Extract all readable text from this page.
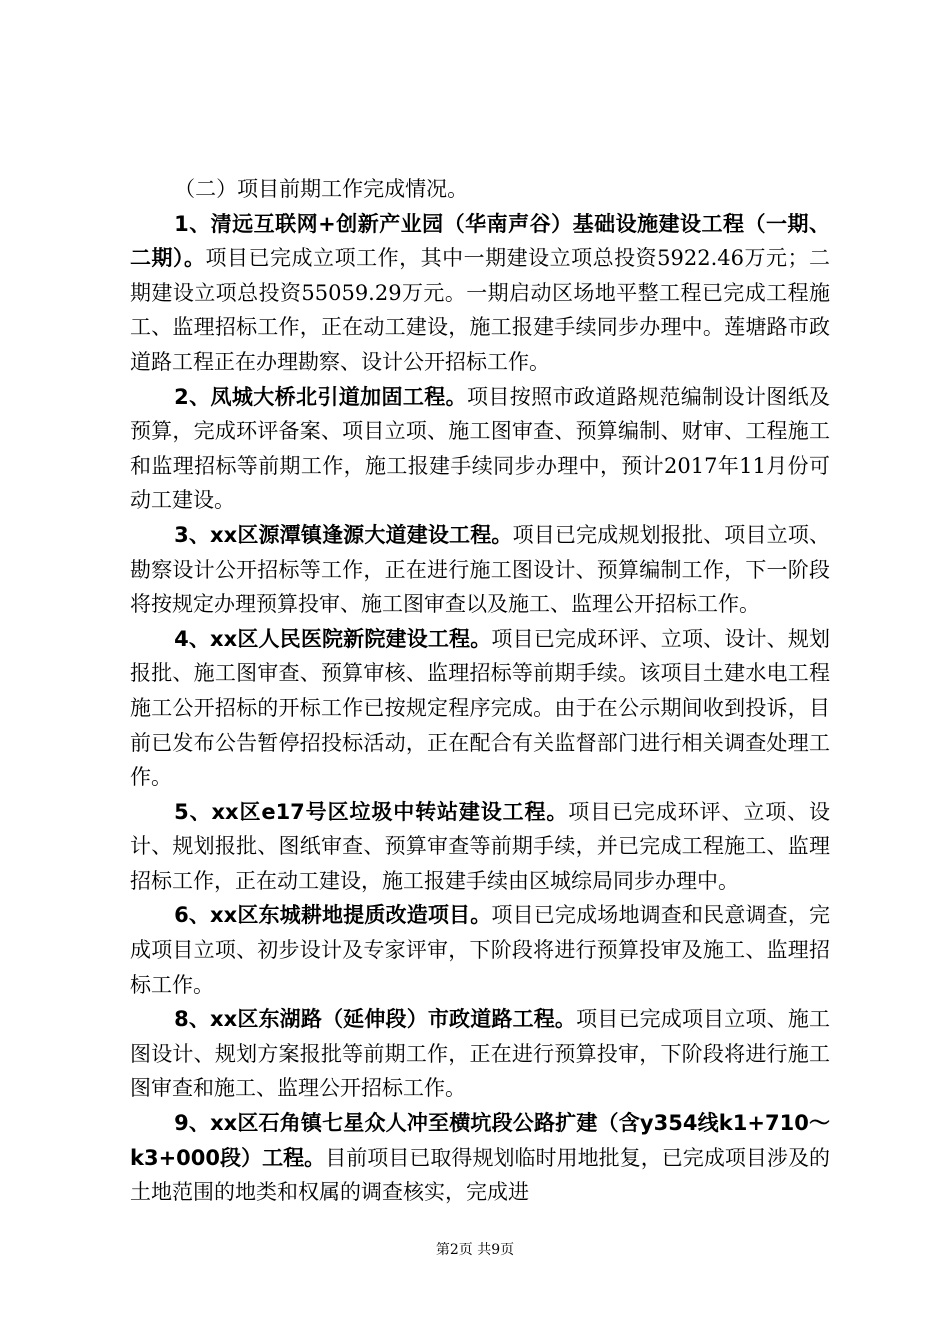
（二）项目前期工作完成情况。

1、清远互联网+创新产业园（华南声谷）基础设施建设工程（一期、二期）。项目已完成立项工作，其中一期建设立项总投资5922.46万元；二期建设立项总投资55059.29万元。一期启动区场地平整工程已完成工程施工、监理招标工作，正在动工建设，施工报建手续同步办理中。莲塘路市政道路工程正在办理勘察、设计公开招标工作。

2、凤城大桥北引道加固工程。项目按照市政道路规范编制设计图纸及预算，完成环评备案、项目立项、施工图审查、预算编制、财审、工程施工和监理招标等前期工作，施工报建手续同步办理中，预计2017年11月份可动工建设。

3、xx区源潭镇逢源大道建设工程。项目已完成规划报批、项目立项、勘察设计公开招标等工作，正在进行施工图设计、预算编制工作，下一阶段将按规定办理预算投审、施工图审查以及施工、监理公开招标工作。

4、xx区人民医院新院建设工程。项目已完成环评、立项、设计、规划报批、施工图审查、预算审核、监理招标等前期手续。该项目土建水电工程施工公开招标的开标工作已按规定程序完成。由于在公示期间收到投诉，目前已发布公告暂停招投标活动，正在配合有关监督部门进行相关调查处理工作。

5、xx区e17号区垃圾中转站建设工程。项目已完成环评、立项、设计、规划报批、图纸审查、预算审查等前期手续，并已完成工程施工、监理招标工作，正在动工建设，施工报建手续由区城综局同步办理中。

6、xx区东城耕地提质改造项目。项目已完成场地调查和民意调查，完成项目立项、初步设计及专家评审，下阶段将进行预算投审及施工、监理招标工作。

8、xx区东湖路（延伸段）市政道路工程。项目已完成项目立项、施工图设计、规划方案报批等前期工作，正在进行预算投审，下阶段将进行施工图审查和施工、监理公开招标工作。

9、xx区石角镇七星众人冲至横坑段公路扩建（含y354线k1+710～k3+000段）工程。目前项目已取得规划临时用地批复，已完成项目涉及的土地范围的地类和权属的调查核实，完成进

第2页 共9页
